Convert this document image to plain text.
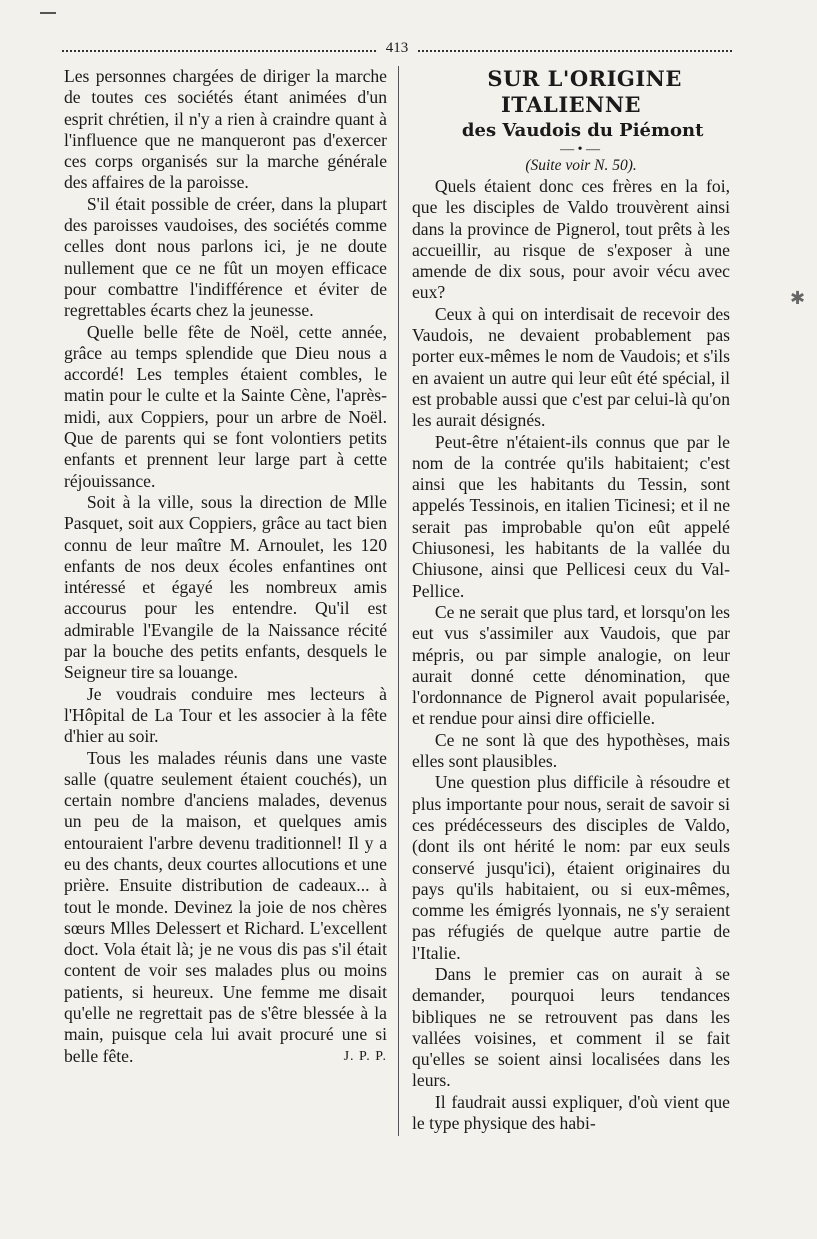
413

Les personnes chargées de diriger la marche de toutes ces sociétés étant animées d'un esprit chrétien, il n'y a rien à craindre quant à l'influence que ne manqueront pas d'exercer ces corps organisés sur la marche générale des affaires de la paroisse.

S'il était possible de créer, dans la plupart des paroisses vaudoises, des sociétés comme celles dont nous parlons ici, je ne doute nullement que ce ne fût un moyen efficace pour combattre l'indifférence et éviter de regrettables écarts chez la jeunesse.

Quelle belle fête de Noël, cette année, grâce au temps splendide que Dieu nous a accordé! Les temples étaient combles, le matin pour le culte et la Sainte Cène, l'après-midi, aux Coppiers, pour un arbre de Noël. Que de parents qui se font volontiers petits enfants et prennent leur large part à cette réjouissance.

Soit à la ville, sous la direction de Mlle Pasquet, soit aux Coppiers, grâce au tact bien connu de leur maître M. Arnoulet, les 120 enfants de nos deux écoles enfantines ont intéressé et égayé les nombreux amis accourus pour les entendre. Qu'il est admirable l'Evangile de la Naissance récité par la bouche des petits enfants, desquels le Seigneur tire sa louange.

Je voudrais conduire mes lecteurs à l'Hôpital de La Tour et les associer à la fête d'hier au soir.

Tous les malades réunis dans une vaste salle (quatre seulement étaient couchés), un certain nombre d'anciens malades, devenus un peu de la maison, et quelques amis entouraient l'arbre devenu traditionnel! Il y a eu des chants, deux courtes allocutions et une prière. Ensuite distribution de cadeaux... à tout le monde. Devinez la joie de nos chères sœurs Mlles Delessert et Richard. L'excellent doct. Vola était là; je ne vous dis pas s'il était content de voir ses malades plus ou moins patients, si heureux. Une femme me disait qu'elle ne regrettait pas de s'être blessée à la main, puisque cela lui avait procuré une si belle fête.	J. P. P.

SUR L'ORIGINE ITALIENNE

des Vaudois du Piémont

— • —

(Suite voir N. 50).

Quels étaient donc ces frères en la foi, que les disciples de Valdo trouvèrent ainsi dans la province de Pignerol, tout prêts à les accueillir, au risque de s'exposer à une amende de dix sous, pour avoir vécu avec eux?

Ceux à qui on interdisait de recevoir des Vaudois, ne devaient probablement pas porter eux-mêmes le nom de Vaudois; et s'ils en avaient un autre qui leur eût été spécial, il est probable aussi que c'est par celui-là qu'on les aurait désignés.

Peut-être n'étaient-ils connus que par le nom de la contrée qu'ils habitaient; c'est ainsi que les habitants du Tessin, sont appelés Tessinois, en italien Ticinesi; et il ne serait pas improbable qu'on eût appelé Chiusonesi, les habitants de la vallée du Chiusone, ainsi que Pellicesi ceux du Val-Pellice.

Ce ne serait que plus tard, et lorsqu'on les eut vus s'assimiler aux Vaudois, que par mépris, ou par simple analogie, on leur aurait donné cette dénomination, que l'ordonnance de Pignerol avait popularisée, et rendue pour ainsi dire officielle.

Ce ne sont là que des hypothèses, mais elles sont plausibles.

Une question plus difficile à résoudre et plus importante pour nous, serait de savoir si ces prédécesseurs des disciples de Valdo, (dont ils ont hérité le nom: par eux seuls conservé jusqu'ici), étaient originaires du pays qu'ils habitaient, ou si eux-mêmes, comme les émigrés lyonnais, ne s'y seraient pas réfugiés de quelque autre partie de l'Italie.

Dans le premier cas on aurait à se demander, pourquoi leurs tendances bibliques ne se retrouvent pas dans les vallées voisines, et comment il se fait qu'elles se soient ainsi localisées dans les leurs.

Il faudrait aussi expliquer, d'où vient que le type physique des habi-

✱
